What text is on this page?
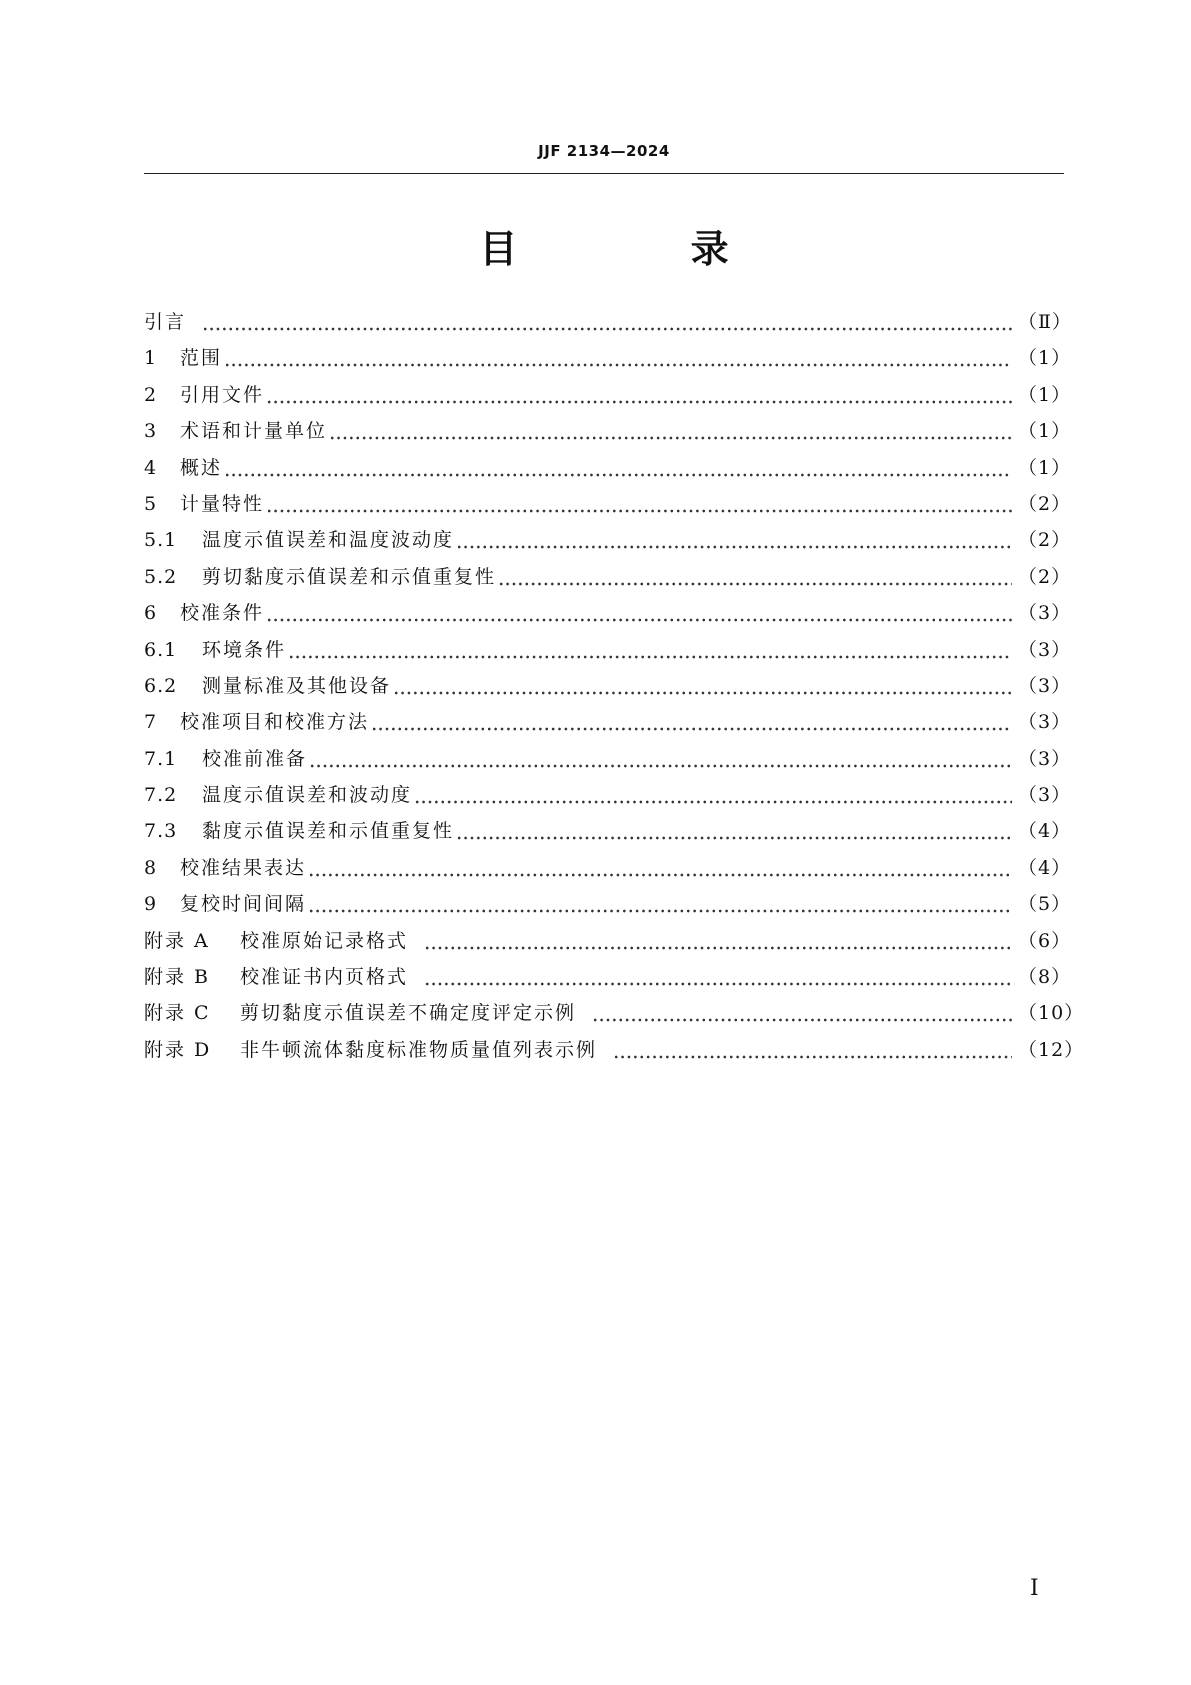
JJF 2134—2024
目 录
引言	（Ⅱ）
1	范围	（1）
2	引用文件	（1）
3	术语和计量单位	（1）
4	概述	（1）
5	计量特性	（2）
5.1	温度示值误差和温度波动度	（2）
5.2	剪切黏度示值误差和示值重复性	（2）
6	校准条件	（3）
6.1	环境条件	（3）
6.2	测量标准及其他设备	（3）
7	校准项目和校准方法	（3）
7.1	校准前准备	（3）
7.2	温度示值误差和波动度	（3）
7.3	黏度示值误差和示值重复性	（4）
8	校准结果表达	（4）
9	复校时间间隔	（5）
附录 A	校准原始记录格式	（6）
附录 B	校准证书内页格式	（8）
附录 C	剪切黏度示值误差不确定度评定示例	（10）
附录 D	非牛顿流体黏度标准物质量值列表示例	（12）
Ⅰ
